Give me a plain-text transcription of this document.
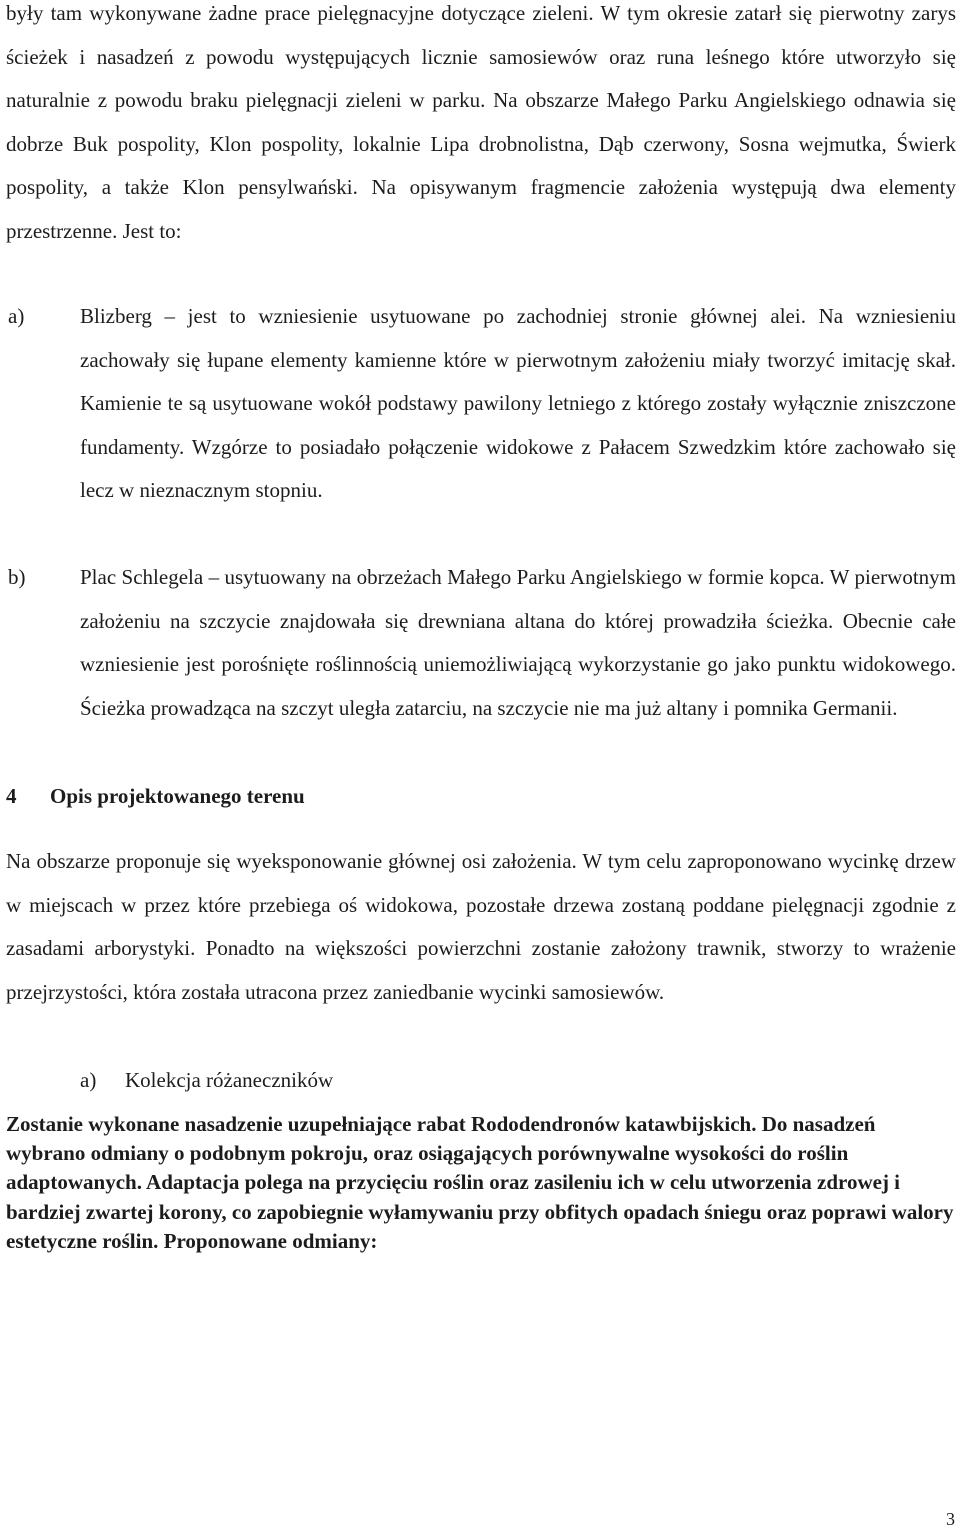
były tam wykonywane żadne prace pielęgnacyjne dotyczące zieleni. W tym okresie zatarł się pierwotny zarys ścieżek i nasadzeń z powodu występujących licznie samosiewów oraz runa leśnego które utworzyło się naturalnie z powodu braku pielęgnacji zieleni w parku. Na obszarze Małego Parku Angielskiego odnawia się dobrze Buk pospolity, Klon pospolity, lokalnie Lipa drobnolistna, Dąb czerwony, Sosna wejmutka, Świerk pospolity, a także Klon pensylwański. Na opisywanym fragmencie założenia występują dwa elementy przestrzenne. Jest to:

a)	Blizberg – jest to wzniesienie usytuowane po zachodniej stronie głównej alei. Na wzniesieniu zachowały się łupane elementy kamienne które w pierwotnym założeniu miały tworzyć imitację skał. Kamienie te są usytuowane wokół podstawy pawilony letniego z którego zostały wyłącznie zniszczone fundamenty. Wzgórze to posiadało połączenie widokowe z Pałacem Szwedzkim które zachowało się lecz w nieznacznym stopniu.

b)	Plac Schlegela – usytuowany na obrzeżach Małego Parku Angielskiego w formie kopca. W pierwotnym założeniu na szczycie znajdowała się drewniana altana do której prowadziła ścieżka. Obecnie całe wzniesienie jest porośnięte roślinnością uniemożliwiającą wykorzystanie go jako punktu widokowego. Ścieżka prowadząca na szczyt uległa zatarciu, na szczycie nie ma już altany i pomnika Germanii.

4 Opis projektowanego terenu

Na obszarze proponuje się wyeksponowanie głównej osi założenia. W tym celu zaproponowano wycinkę drzew w miejscach w przez które przebiega oś widokowa, pozostałe drzewa zostaną poddane pielęgnacji zgodnie z zasadami arborystyki. Ponadto na większości powierzchni zostanie założony trawnik, stworzy to wrażenie przejrzystości, która została utracona przez zaniedbanie wycinki samosiewów.

a) Kolekcja różaneczników

Zostanie wykonane nasadzenie uzupełniające rabat Rododendronów katawbijskich. Do nasadzeń wybrano odmiany o podobnym pokroju, oraz osiągających porównywalne wysokości do roślin adaptowanych. Adaptacja polega na przycięciu roślin oraz zasileniu ich w celu utworzenia zdrowej i bardziej zwartej korony, co zapobiegnie wyłamywaniu przy obfitych opadach śniegu oraz poprawi walory estetyczne roślin. Proponowane odmiany:

3
